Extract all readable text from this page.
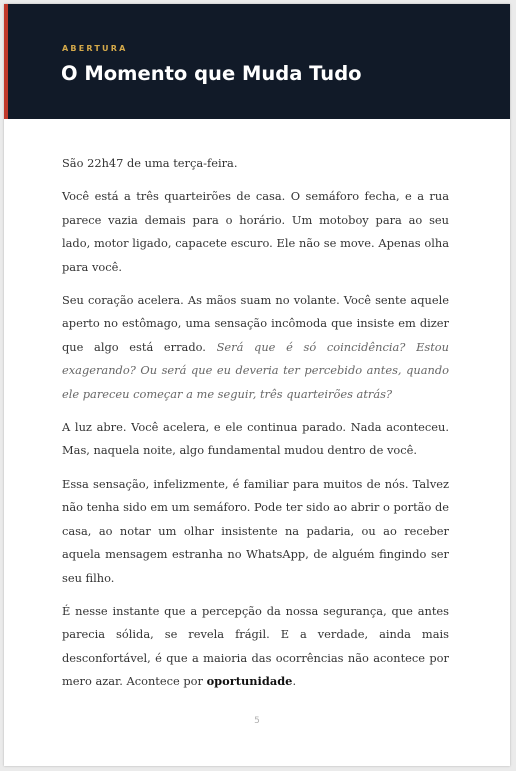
ABERTURA
O Momento que Muda Tudo

São 22h47 de uma terça-feira.

Você está a três quarteirões de casa. O semáforo fecha, e a rua parece vazia demais para o horário. Um motoboy para ao seu lado, motor ligado, capacete escuro. Ele não se move. Apenas olha para você.

Seu coração acelera. As mãos suam no volante. Você sente aquele aperto no estômago, uma sensação incômoda que insiste em dizer que algo está errado. Será que é só coincidência? Estou exagerando? Ou será que eu deveria ter percebido antes, quando ele pareceu começar a me seguir, três quarteirões atrás?

A luz abre. Você acelera, e ele continua parado. Nada aconteceu. Mas, naquela noite, algo fundamental mudou dentro de você.

Essa sensação, infelizmente, é familiar para muitos de nós. Talvez não tenha sido em um semáforo. Pode ter sido ao abrir o portão de casa, ao notar um olhar insistente na padaria, ou ao receber aquela mensagem estranha no WhatsApp, de alguém fingindo ser seu filho.

É nesse instante que a percepção da nossa segurança, que antes parecia sólida, se revela frágil. E a verdade, ainda mais desconfortável, é que a maioria das ocorrências não acontece por mero azar. Acontece por oportunidade.

5
